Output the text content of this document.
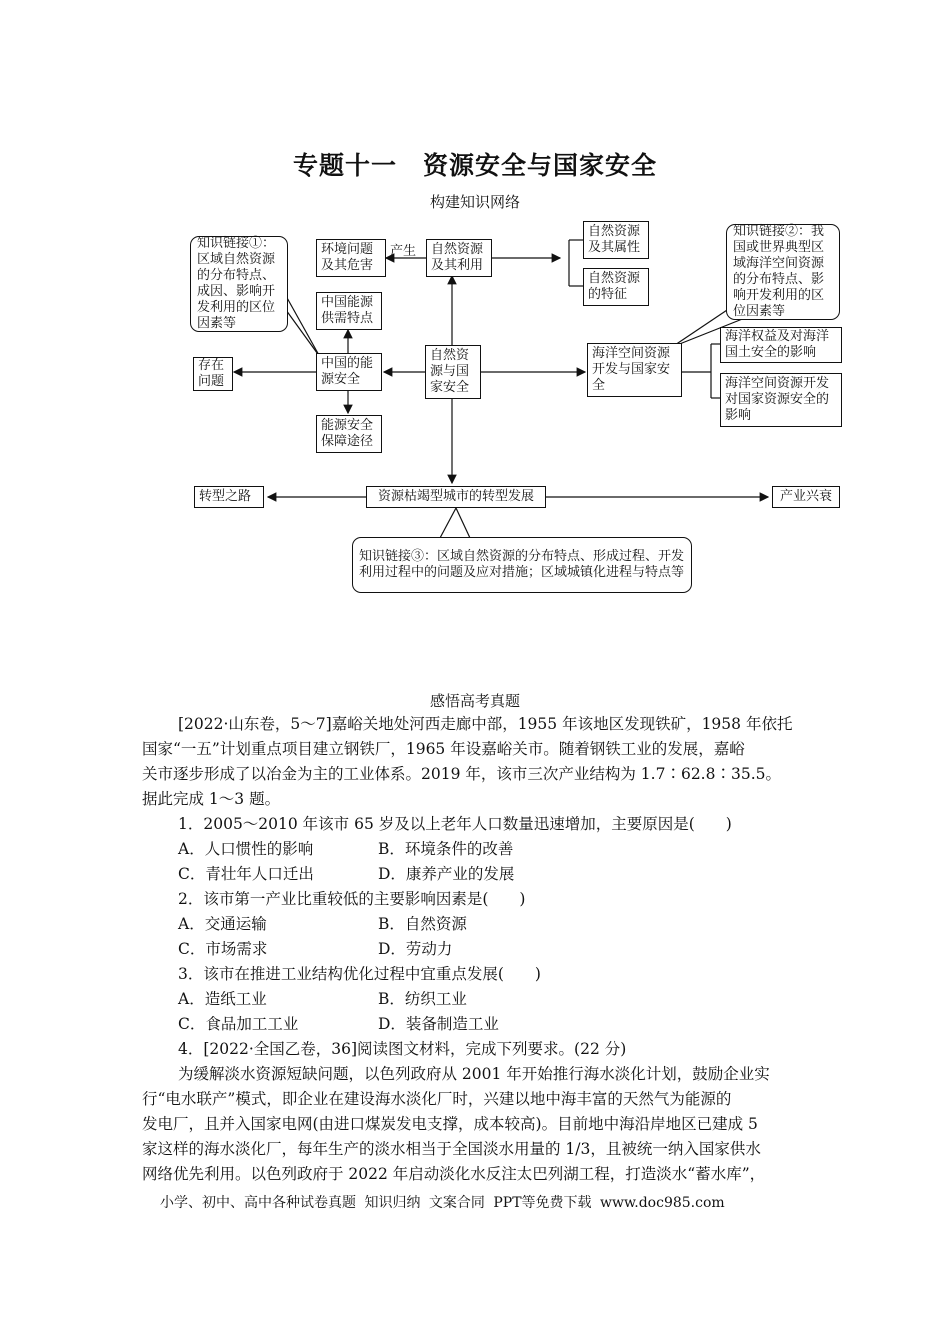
专题十一　资源安全与国家安全
构建知识网络
环境问题及其危害
产生	自然资源及其利用
自然资源及其属性
自然资源的特征
知识链接①：区域自然资源的分布特点、成因、影响开发利用的区位因素等
知识链接②：我国或世界典型区域海洋空间资源的分布特点、影响开发利用的区位因素等
中国能源供需特点
中国的能源安全
存在问题
自然资源与国家安全
海洋空间资源开发与国家安全
海洋权益及对海洋国土安全的影响
海洋空间资源开发对国家资源安全的影响
能源安全保障途径
转型之路	资源枯竭型城市的转型发展	产业兴衰
知识链接③：区域自然资源的分布特点、形成过程、开发利用过程中的问题及应对措施；区域城镇化进程与特点等
感悟高考真题
[2022·山东卷，5～7]嘉峪关地处河西走廊中部，1955 年该地区发现铁矿，1958 年依托
国家“一五”计划重点项目建立钢铁厂，1965 年设嘉峪关市。随着钢铁工业的发展，嘉峪
关市逐步形成了以冶金为主的工业体系。2019 年，该市三次产业结构为 1.7∶62.8∶35.5。
据此完成 1～3 题。
1．2005～2010 年该市 65 岁及以上老年人口数量迅速增加，主要原因是(　　)
A．人口惯性的影响	B．环境条件的改善
C．青壮年人口迁出	D．康养产业的发展
2．该市第一产业比重较低的主要影响因素是(　　)
A．交通运输	B．自然资源
C．市场需求	D．劳动力
3．该市在推进工业结构优化过程中宜重点发展(　　)
A．造纸工业	B．纺织工业
C．食品加工工业	D．装备制造工业
4．[2022·全国乙卷，36]阅读图文材料，完成下列要求。(22 分)
为缓解淡水资源短缺问题，以色列政府从 2001 年开始推行海水淡化计划，鼓励企业实
行“电水联产”模式，即企业在建设海水淡化厂时，兴建以地中海丰富的天然气为能源的
发电厂，且并入国家电网(由进口煤炭发电支撑，成本较高)。目前地中海沿岸地区已建成 5
家这样的海水淡化厂，每年生产的淡水相当于全国淡水用量的 1/3，且被统一纳入国家供水
网络优先利用。以色列政府于 2022 年启动淡化水反注太巴列湖工程，打造淡水“蓄水库”，
小学、初中、高中各种试卷真题 知识归纳 文案合同 PPT等免费下载 www.doc985.com
